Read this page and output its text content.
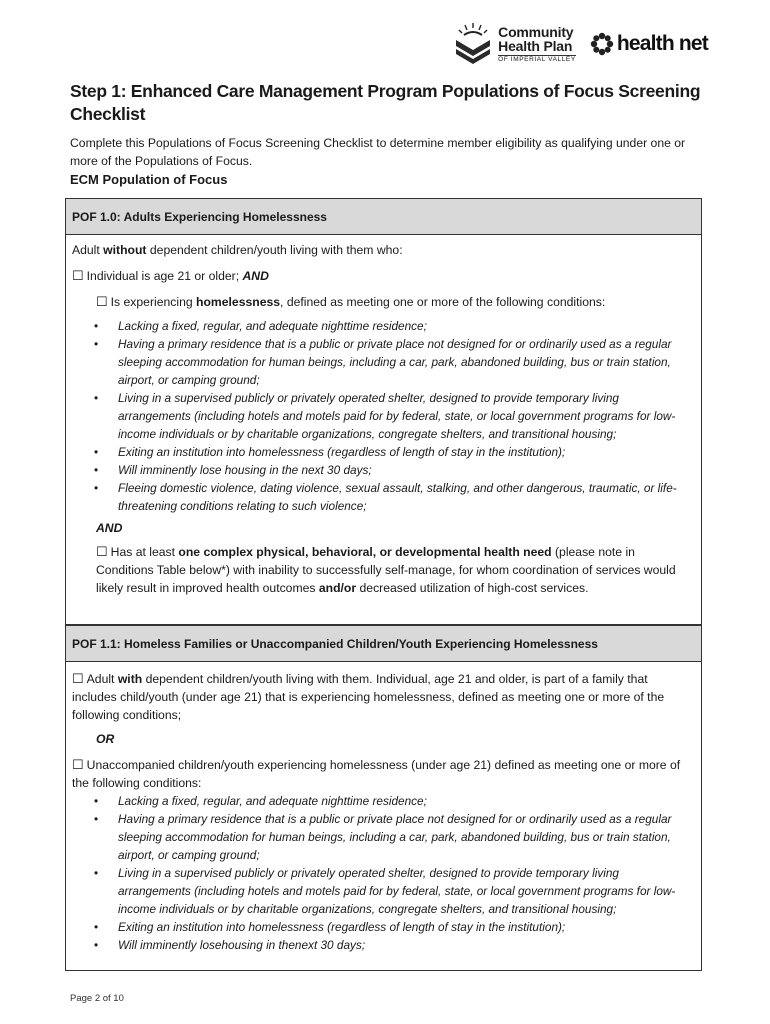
Community
Health Plan
OF IMPERIAL VALLEY
health net
Step 1: Enhanced Care Management Program Populations of Focus Screening Checklist

Complete this Populations of Focus Screening Checklist to determine member eligibility as qualifying under one or more of the Populations of Focus.

ECM Population of Focus

POF 1.0: Adults Experiencing Homelessness

Adult without dependent children/youth living with them who:

☐ Individual is age 21 or older; AND

☐ Is experiencing homelessness, defined as meeting one or more of the following conditions:

• Lacking a fixed, regular, and adequate nighttime residence;
• Having a primary residence that is a public or private place not designed for or ordinarily used as a regular sleeping accommodation for human beings, including a car, park, abandoned building, bus or train station, airport, or camping ground;
• Living in a supervised publicly or privately operated shelter, designed to provide temporary living arrangements (including hotels and motels paid for by federal, state, or local government programs for low-income individuals or by charitable organizations, congregate shelters, and transitional housing;
• Exiting an institution into homelessness (regardless of length of stay in the institution);
• Will imminently lose housing in the next 30 days;
• Fleeing domestic violence, dating violence, sexual assault, stalking, and other dangerous, traumatic, or life-threatening conditions relating to such violence;

AND

☐ Has at least one complex physical, behavioral, or developmental health need (please note in Conditions Table below*) with inability to successfully self-manage, for whom coordination of services would likely result in improved health outcomes and/or decreased utilization of high-cost services.

POF 1.1: Homeless Families or Unaccompanied Children/Youth Experiencing Homelessness

☐ Adult with dependent children/youth living with them. Individual, age 21 and older, is part of a family that includes child/youth (under age 21) that is experiencing homelessness, defined as meeting one or more of the following conditions;

OR

☐ Unaccompanied children/youth experiencing homelessness (under age 21) defined as meeting one or more of the following conditions:

• Lacking a fixed, regular, and adequate nighttime residence;
• Having a primary residence that is a public or private place not designed for or ordinarily used as a regular sleeping accommodation for human beings, including a car, park, abandoned building, bus or train station, airport, or camping ground;
• Living in a supervised publicly or privately operated shelter, designed to provide temporary living arrangements (including hotels and motels paid for by federal, state, or local government programs for low-income individuals or by charitable organizations, congregate shelters, and transitional housing;
• Exiting an institution into homelessness (regardless of length of stay in the institution);
• Will imminently losehousing in thenext 30 days;
Page 2 of 10
